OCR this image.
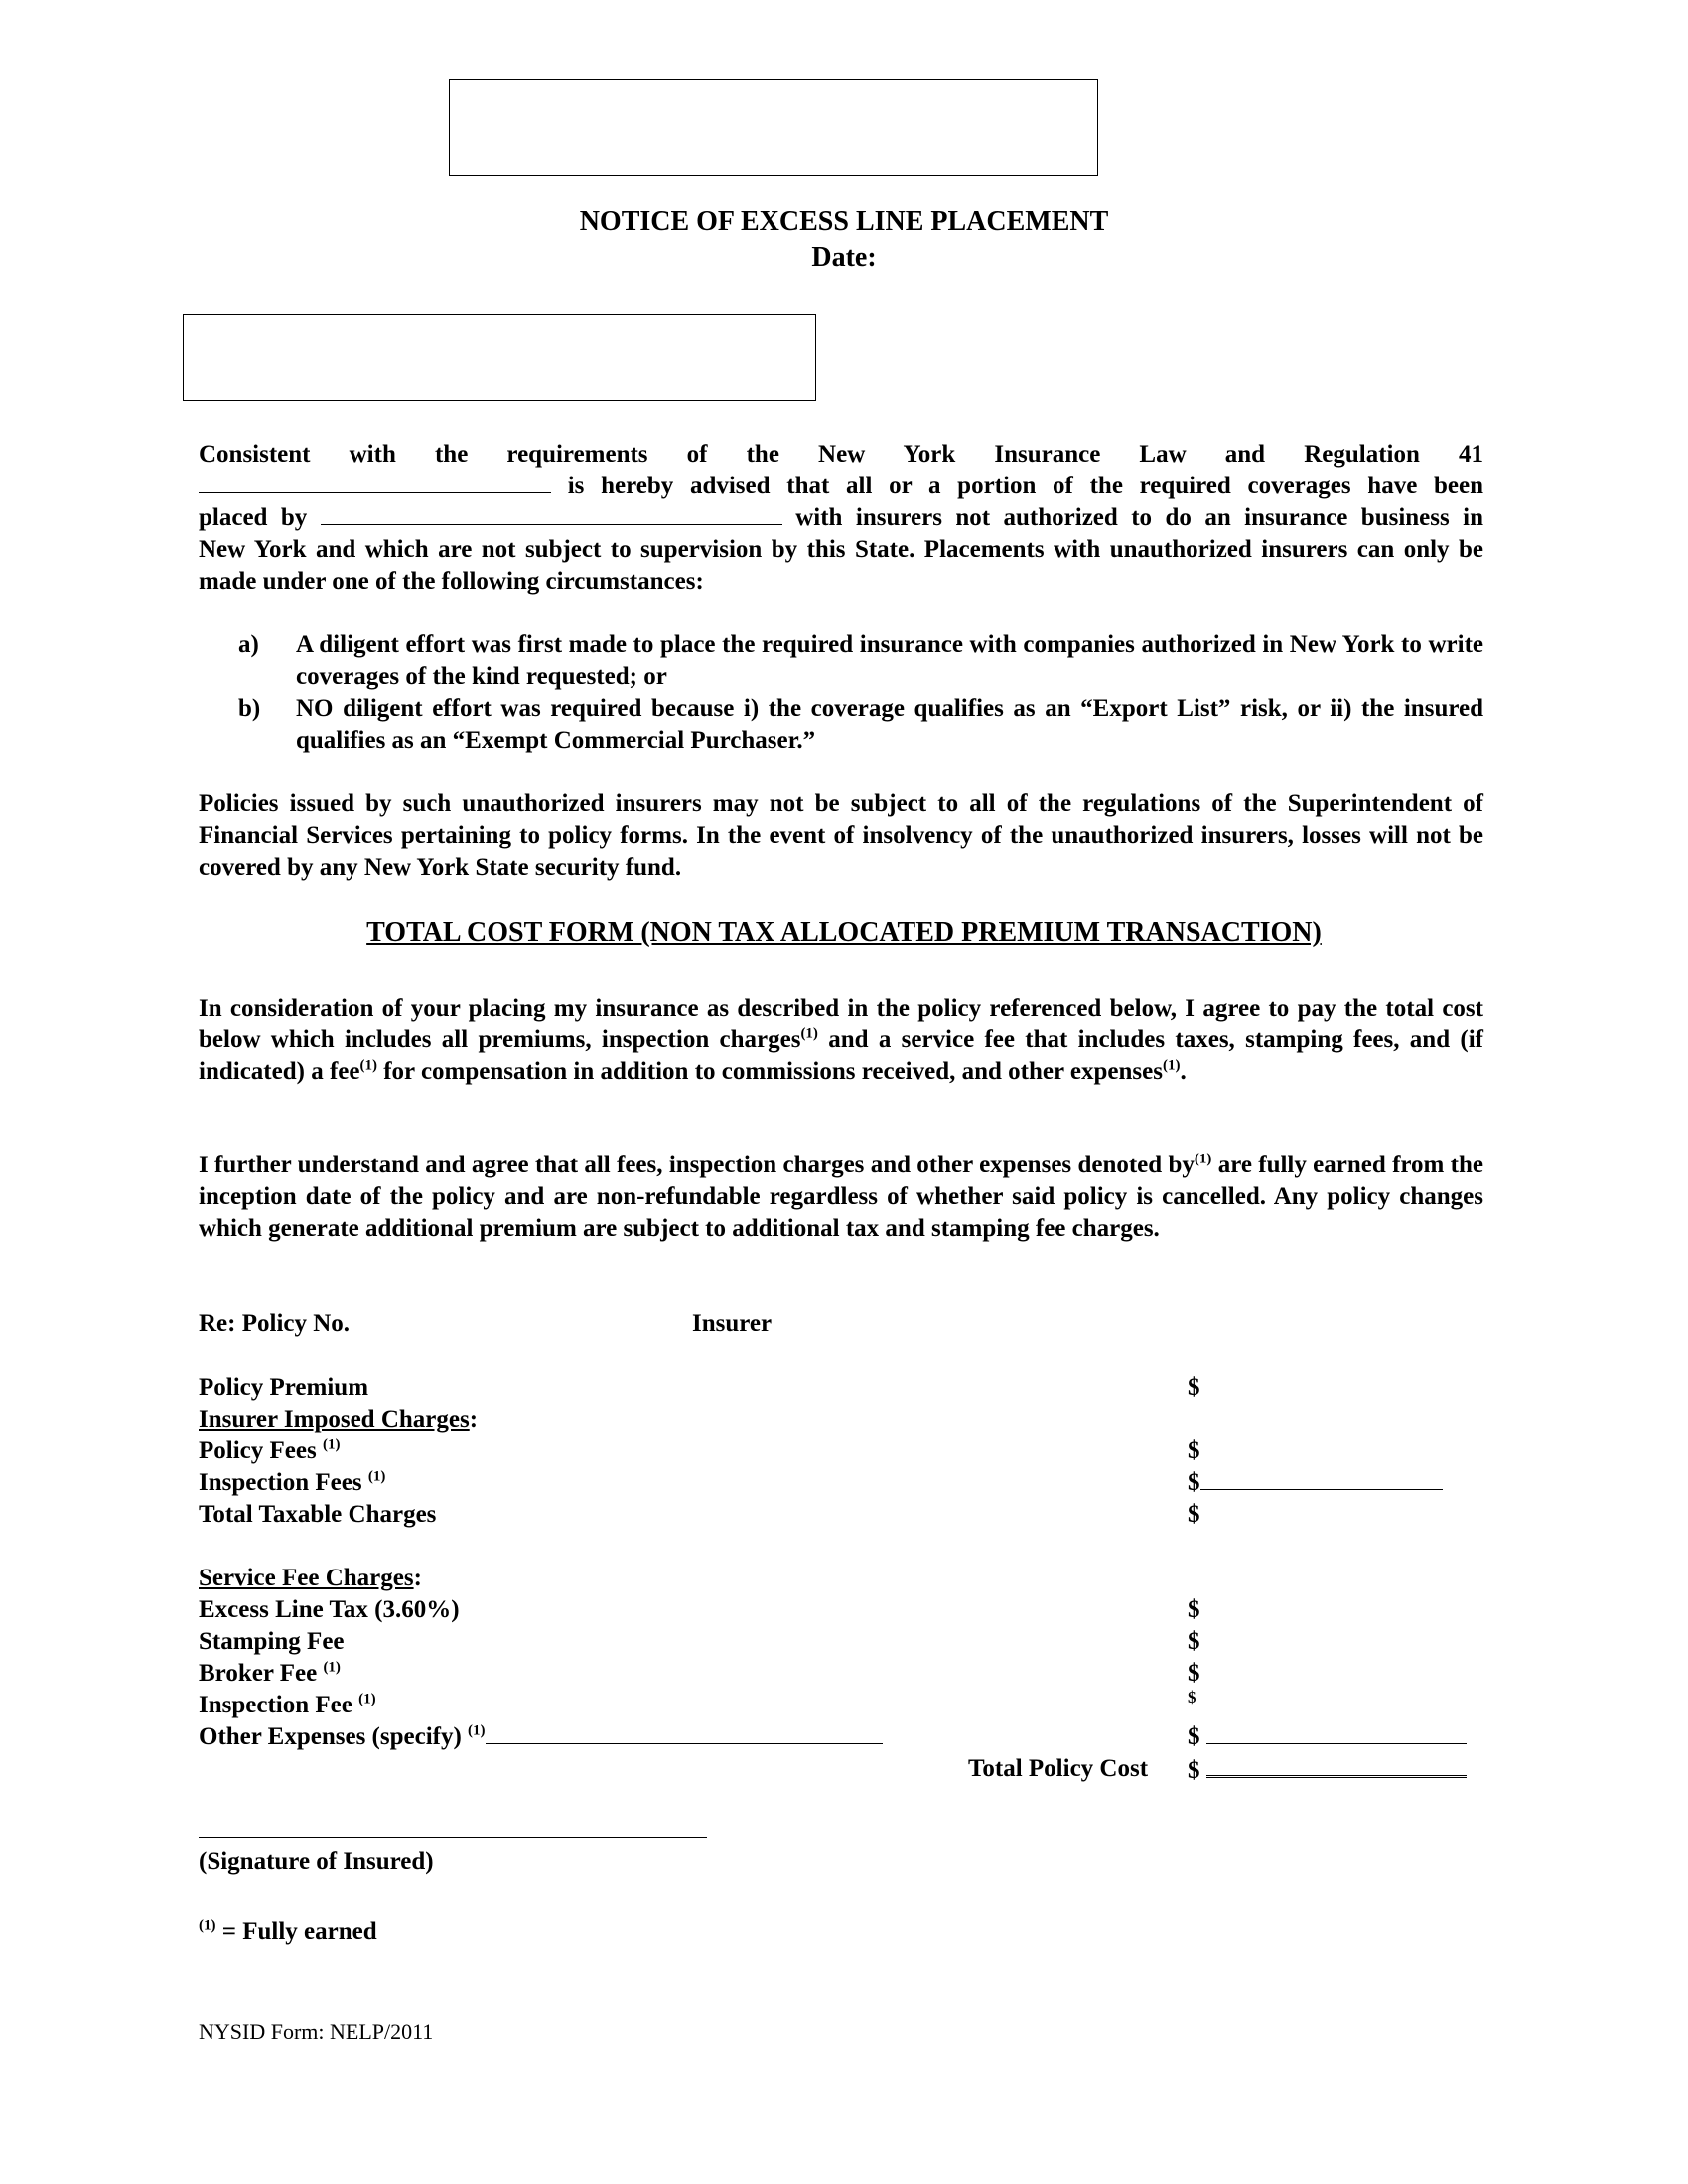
NOTICE OF EXCESS LINE PLACEMENT
Date:
Consistent with the requirements of the New York Insurance Law and Regulation 41
is hereby advised that all or a portion of the required coverages have been
placed by	with insurers not authorized to do an insurance business in
New York and which are not subject to supervision by this State. Placements with unauthorized insurers can only be made under one of the following circumstances:
a) A diligent effort was first made to place the required insurance with companies authorized in New York to write coverages of the kind requested; or
b) NO diligent effort was required because i) the coverage qualifies as an “Export List” risk, or ii) the insured qualifies as an “Exempt Commercial Purchaser.”
Policies issued by such unauthorized insurers may not be subject to all of the regulations of the Superintendent of Financial Services pertaining to policy forms. In the event of insolvency of the unauthorized insurers, losses will not be covered by any New York State security fund.
TOTAL COST FORM (NON TAX ALLOCATED PREMIUM TRANSACTION)
In consideration of your placing my insurance as described in the policy referenced below, I agree to pay the total cost below which includes all premiums, inspection charges$^{(1)}$ and a service fee that includes taxes, stamping fees, and (if indicated) a fee$^{(1)}$ for compensation in addition to commissions received, and other expenses$^{(1)}$.
I further understand and agree that all fees, inspection charges and other expenses denoted $by^{(1)}$ are fully earned from the inception date of the policy and are non-refundable regardless of whether said policy is cancelled. Any policy changes which generate additional premium are subject to additional tax and stamping fee charges.
Re: Policy No.	Insurer
Policy Premium	$
Insurer Imposed Charges:
Policy Fees $^{(1)}$	$
Inspection Fees $^{(1)}$	$
Total Taxable Charges	$
Service Fee Charges:
Excess Line Tax (3.60%)	$
Stamping Fee	$
Broker Fee $^{(1)}$	$
Inspection Fee $^{(1)}$	$
Other Expenses (specify) $^{(1)}$	$
Total Policy Cost $
(Signature of Insured)
$^{(1)}$ = Fully earned
NYSID Form: NELP/2011
